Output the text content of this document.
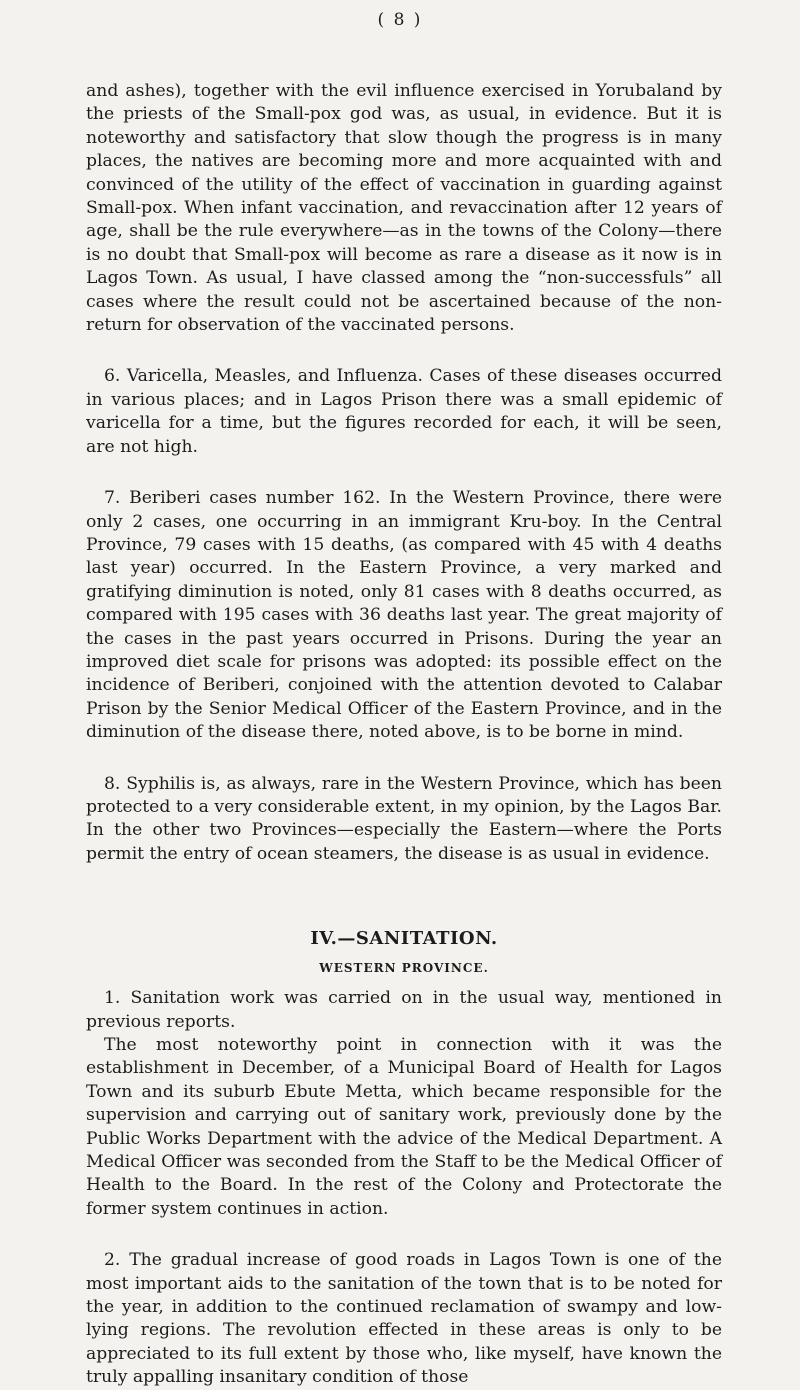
( 8 )

and ashes), together with the evil influence exercised in Yorubaland by the priests of the Small-pox god was, as usual, in evidence. But it is noteworthy and satisfactory that slow though the progress is in many places, the natives are becoming more and more acquainted with and convinced of the utility of the effect of vaccination in guarding against Small-pox. When infant vaccination, and revaccination after 12 years of age, shall be the rule everywhere—as in the towns of the Colony—there is no doubt that Small-pox will become as rare a disease as it now is in Lagos Town. As usual, I have classed among the “non-successfuls” all cases where the result could not be ascertained because of the non-return for observation of the vaccinated persons.

6. Varicella, Measles, and Influenza. Cases of these diseases occurred in various places; and in Lagos Prison there was a small epidemic of varicella for a time, but the figures recorded for each, it will be seen, are not high.

7. Beriberi cases number 162. In the Western Province, there were only 2 cases, one occurring in an immigrant Kru-boy. In the Central Province, 79 cases with 15 deaths, (as compared with 45 with 4 deaths last year) occurred. In the Eastern Province, a very marked and gratifying diminution is noted, only 81 cases with 8 deaths occurred, as compared with 195 cases with 36 deaths last year. The great majority of the cases in the past years occurred in Prisons. During the year an improved diet scale for prisons was adopted: its possible effect on the incidence of Beriberi, conjoined with the attention devoted to Calabar Prison by the Senior Medical Officer of the Eastern Province, and in the diminution of the disease there, noted above, is to be borne in mind.

8. Syphilis is, as always, rare in the Western Province, which has been protected to a very considerable extent, in my opinion, by the Lagos Bar. In the other two Provinces—especially the Eastern—where the Ports permit the entry of ocean steamers, the disease is as usual in evidence.

IV.—SANITATION.
WESTERN PROVINCE.

1. Sanitation work was carried on in the usual way, mentioned in previous reports.

The most noteworthy point in connection with it was the establishment in December, of a Municipal Board of Health for Lagos Town and its suburb Ebute Metta, which became responsible for the supervision and carrying out of sanitary work, previously done by the Public Works Department with the advice of the Medical Department. A Medical Officer was seconded from the Staff to be the Medical Officer of Health to the Board. In the rest of the Colony and Protectorate the former system continues in action.

2. The gradual increase of good roads in Lagos Town is one of the most important aids to the sanitation of the town that is to be noted for the year, in addition to the continued reclamation of swampy and low-lying regions. The revolution effected in these areas is only to be appreciated to its full extent by those who, like myself, have known the truly appalling insanitary condition of those
